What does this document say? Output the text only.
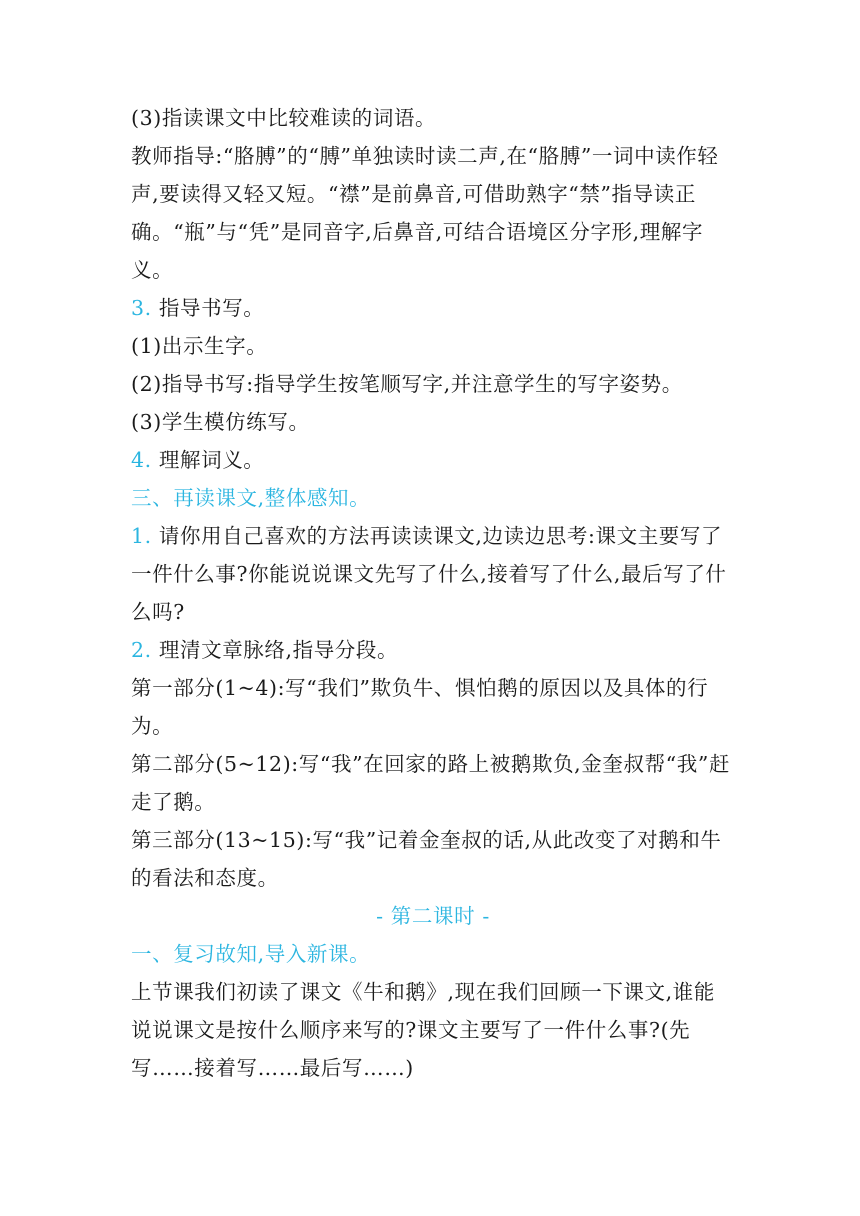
(3)指读课文中比较难读的词语。

教师指导:“胳膊”的“膊”单独读时读二声,在“胳膊”一词中读作轻声,要读得又轻又短。“襟”是前鼻音,可借助熟字“禁”指导读正确。“瓶”与“凭”是同音字,后鼻音,可结合语境区分字形,理解字义。

3. 指导书写。

(1)出示生字。

(2)指导书写:指导学生按笔顺写字,并注意学生的写字姿势。

(3)学生模仿练写。

4. 理解词义。

三、再读课文,整体感知。

1. 请你用自己喜欢的方法再读读课文,边读边思考:课文主要写了一件什么事?你能说说课文先写了什么,接着写了什么,最后写了什么吗?

2. 理清文章脉络,指导分段。

第一部分(1~4):写“我们”欺负牛、惧怕鹅的原因以及具体的行为。

第二部分(5~12):写“我”在回家的路上被鹅欺负,金奎叔帮“我”赶走了鹅。

第三部分(13~15):写“我”记着金奎叔的话,从此改变了对鹅和牛的看法和态度。

- 第二课时 -

一、复习故知,导入新课。

上节课我们初读了课文《牛和鹅》,现在我们回顾一下课文,谁能说说课文是按什么顺序来写的?课文主要写了一件什么事?(先写……接着写……最后写……)
